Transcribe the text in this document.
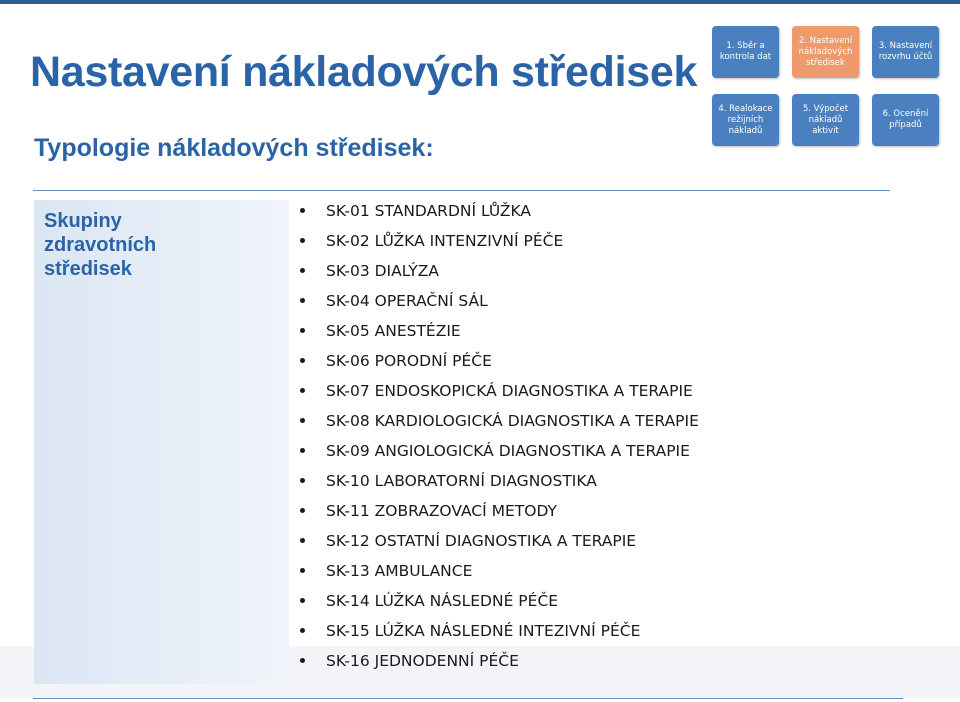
Nastavení nákladových středisek
Typologie nákladových středisek:
1. Sběr a kontrola dat
2. Nastavení nákladových středisek
3. Nastavení rozvrhu účtů
4. Realokace režijních nákladů
5. Výpočet nákladů aktivit
6. Ocenění případů
Skupiny
zdravotních
středisek
SK-01 STANDARDNÍ LŮŽKA
SK-02 LŮŽKA INTENZIVNÍ PÉČE
SK-03 DIALÝZA
SK-04 OPERAČNÍ SÁL
SK-05 ANESTÉZIE
SK-06 PORODNÍ PÉČE
SK-07 ENDOSKOPICKÁ DIAGNOSTIKA A TERAPIE
SK-08 KARDIOLOGICKÁ DIAGNOSTIKA A TERAPIE
SK-09 ANGIOLOGICKÁ DIAGNOSTIKA A TERAPIE
SK-10 LABORATORNÍ DIAGNOSTIKA
SK-11 ZOBRAZOVACÍ METODY
SK-12 OSTATNÍ DIAGNOSTIKA A TERAPIE
SK-13 AMBULANCE
SK-14 LÚŽKA NÁSLEDNÉ PÉČE
SK-15 LÚŽKA NÁSLEDNÉ INTEZIVNÍ PÉČE
SK-16 JEDNODENNÍ PÉČE
